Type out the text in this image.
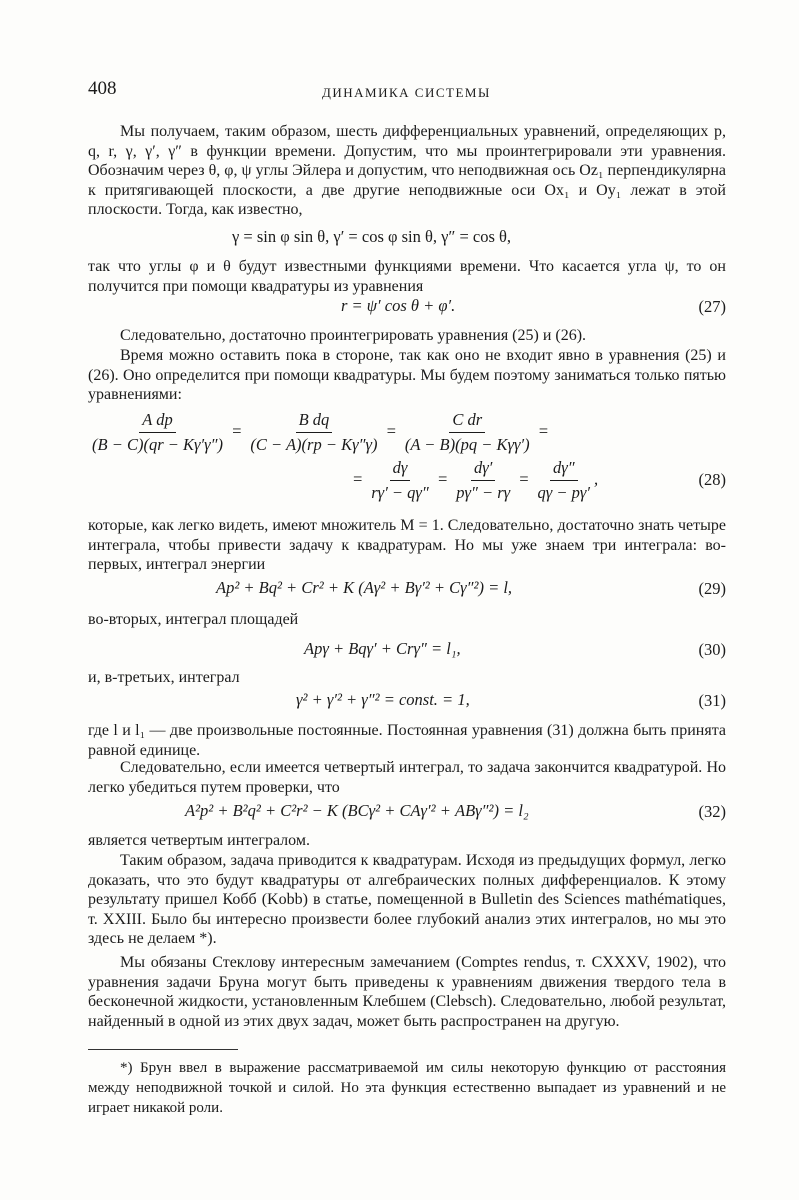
408	ДИНАМИКА СИСТЕМЫ

Мы получаем, таким образом, шесть дифференциальных уравнений, определяющих p, q, r, γ, γ′, γ″ в функции времени. Допустим, что мы проинтегрировали эти уравнения. Обозначим через θ, φ, ψ углы Эйлера и допустим, что неподвижная ось Oz₁ перпендикулярна к притягивающей плоскости, а две другие неподвижные оси Ox₁ и Oy₁ лежат в этой плоскости. Тогда, как известно,

γ = sin φ sin θ, γ′ = cos φ sin θ, γ″ = cos θ,

так что углы φ и θ будут известными функциями времени. Что касается угла ψ, то он получится при помощи квадратуры из уравнения

r = ψ′ cos θ + φ′.	(27)

Следовательно, достаточно проинтегрировать уравнения (25) и (26).

Время можно оставить пока в стороне, так как оно не входит явно в уравнения (25) и (26). Оно определится при помощи квадратуры. Мы будем поэтому заниматься только пятью уравнениями:

$\frac{\text{A dp}}{(B - C)(qr - K\gamma'\gamma'')} = \frac{\text{B dq}}{(C - A)(rp - K\gamma''\gamma)} = \frac{\text{C dr}}{\text{(A − B)(pq − Kγγ′)}}$ =
= $\frac{d\gamma}{r\gamma' - q\gamma''} = \frac{d\gamma'}{p\gamma'' - r\gamma} = \frac{d\gamma''}{q\gamma - p\gamma'}$ ,	(28)

которые, как легко видеть, имеют множитель M = 1. Следовательно, достаточно знать четыре интеграла, чтобы привести задачу к квадратурам. Но мы уже знаем три интеграла: во-первых, интеграл энергии

Ap² + Bq² + Cr² + K (Aγ² + Bγ′² + Cγ″²) = l,	(29)

во-вторых, интеграл площадей

Apγ + Bqγ′ + Crγ″ = l₁,	(30)

и, в-третьих, интеграл

γ² + γ′² + γ″² = const. = 1,	(31)

где l и l₁ — две произвольные постоянные. Постоянная уравнения (31) должна быть принята равной единице.

Следовательно, если имеется четвертый интеграл, то задача закончится квадратурой. Но легко убедиться путем проверки, что

A²p² + B²q² + C²r² − K (BCγ² + CAγ′² + ABγ″²) = l₂	(32)

является четвертым интегралом.

Таким образом, задача приводится к квадратурам. Исходя из предыдущих формул, легко доказать, что это будут квадратуры от алгебраических полных дифференциалов. К этому результату пришел Кобб (Kobb) в статье, помещенной в Bulletin des Sciences mathématiques, т. XXIII. Было бы интересно произвести более глубокий анализ этих интегралов, но мы это здесь не делаем *).

Мы обязаны Стеклову интересным замечанием (Comptes rendus, т. CXXXV, 1902), что уравнения задачи Бруна могут быть приведены к уравнениям движения твердого тела в бесконечной жидкости, установленным Клебшем (Clebsch). Следовательно, любой результат, найденный в одной из этих двух задач, может быть распространен на другую.

*) Брун ввел в выражение рассматриваемой им силы некоторую функцию от расстояния между неподвижной точкой и силой. Но эта функция естественно выпадает из уравнений и не играет никакой роли.
